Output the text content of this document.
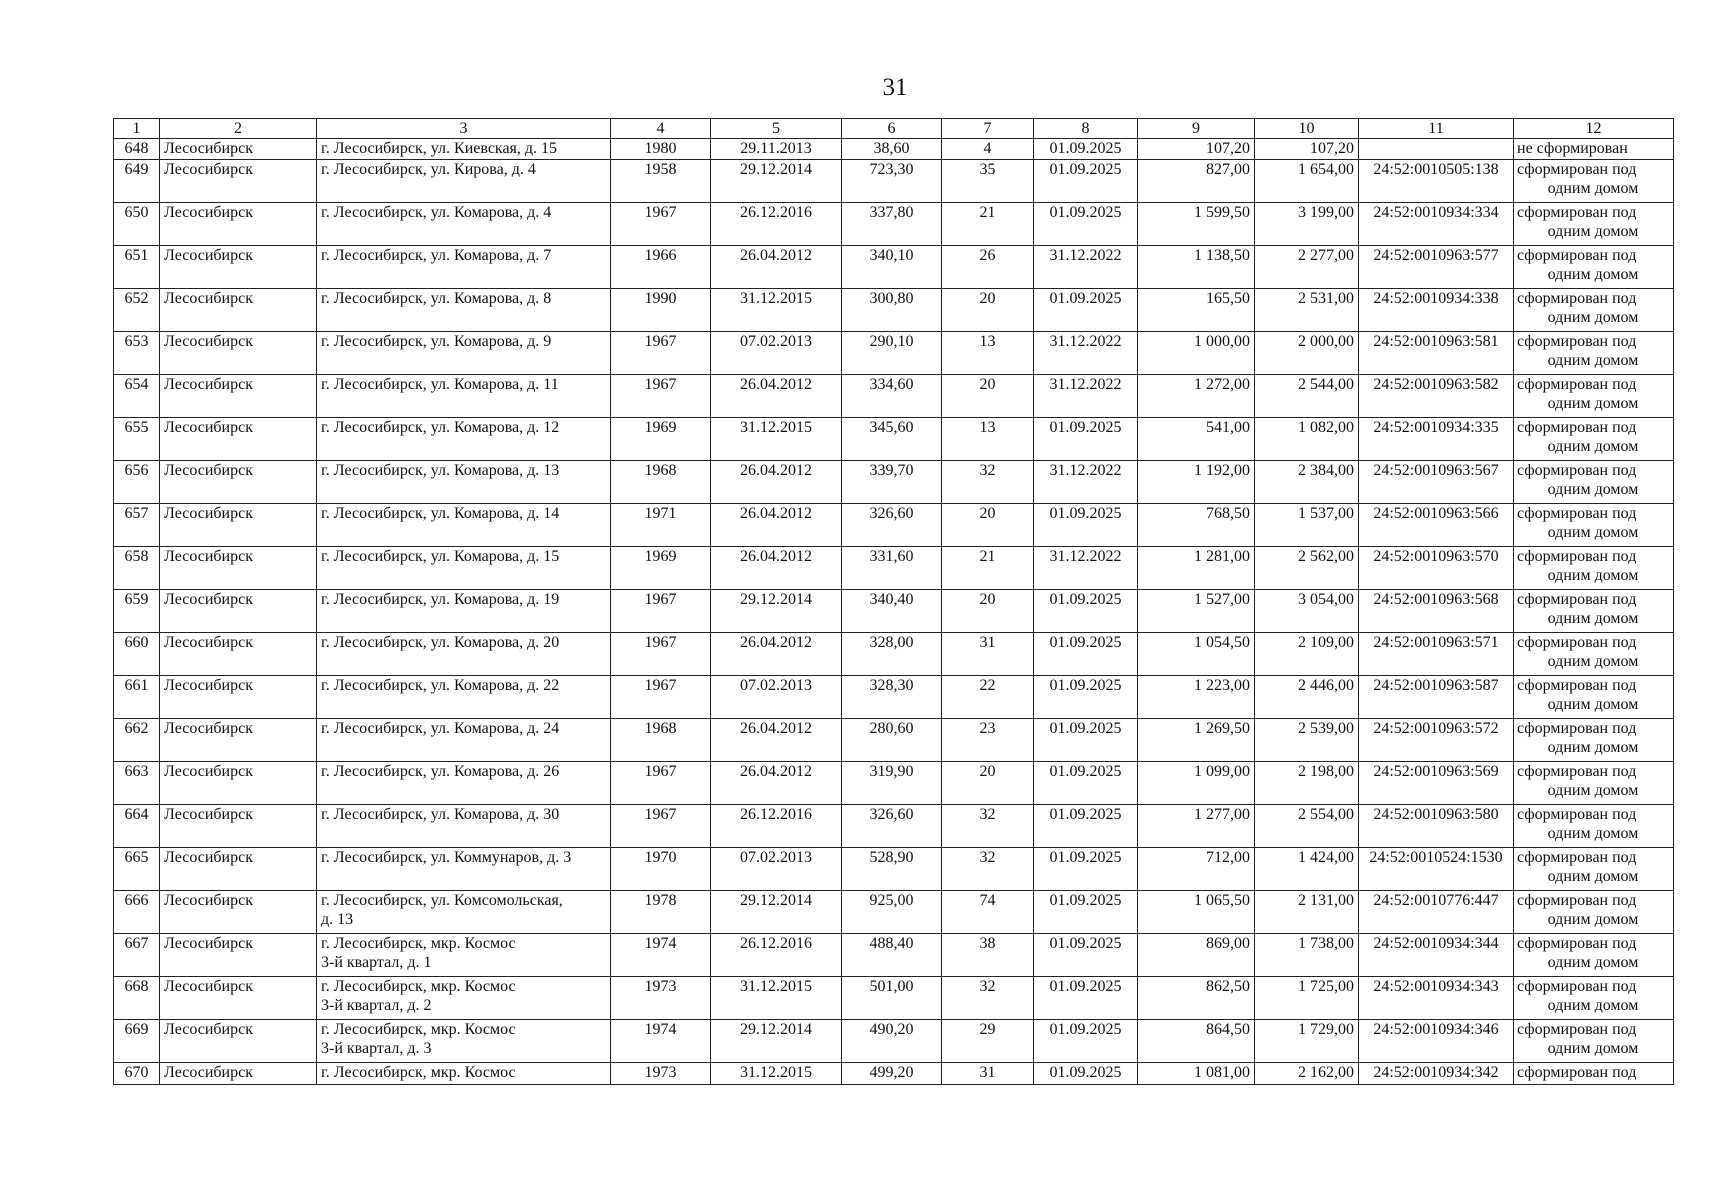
31
1	2	3	4	5	6	7	8	9	10	11	12
648	Лесосибирск	г. Лесосибирск, ул. Киевская, д. 15	1980	29.11.2013	38,60	4	01.09.2025	107,20	107,20		не сформирован

649	Лесосибирск	г. Лесосибирск, ул. Кирова, д. 4	1958	29.12.2014	723,30	35	01.09.2025	827,00	1 654,00	24:52:0010505:138	сформирован под
одним домом

650	Лесосибирск	г. Лесосибирск, ул. Комарова, д. 4	1967	26.12.2016	337,80	21	01.09.2025	1 599,50	3 199,00	24:52:0010934:334	сформирован под
одним домом

651	Лесосибирск	г. Лесосибирск, ул. Комарова, д. 7	1966	26.04.2012	340,10	26	31.12.2022	1 138,50	2 277,00	24:52:0010963:577	сформирован под
одним домом

652	Лесосибирск	г. Лесосибирск, ул. Комарова, д. 8	1990	31.12.2015	300,80	20	01.09.2025	165,50	2 531,00	24:52:0010934:338	сформирован под
одним домом

653	Лесосибирск	г. Лесосибирск, ул. Комарова, д. 9	1967	07.02.2013	290,10	13	31.12.2022	1 000,00	2 000,00	24:52:0010963:581	сформирован под
одним домом

654	Лесосибирск	г. Лесосибирск, ул. Комарова, д. 11	1967	26.04.2012	334,60	20	31.12.2022	1 272,00	2 544,00	24:52:0010963:582	сформирован под
одним домом

655	Лесосибирск	г. Лесосибирск, ул. Комарова, д. 12	1969	31.12.2015	345,60	13	01.09.2025	541,00	1 082,00	24:52:0010934:335	сформирован под
одним домом

656	Лесосибирск	г. Лесосибирск, ул. Комарова, д. 13	1968	26.04.2012	339,70	32	31.12.2022	1 192,00	2 384,00	24:52:0010963:567	сформирован под
одним домом

657	Лесосибирск	г. Лесосибирск, ул. Комарова, д. 14	1971	26.04.2012	326,60	20	01.09.2025	768,50	1 537,00	24:52:0010963:566	сформирован под
одним домом

658	Лесосибирск	г. Лесосибирск, ул. Комарова, д. 15	1969	26.04.2012	331,60	21	31.12.2022	1 281,00	2 562,00	24:52:0010963:570	сформирован под
одним домом

659	Лесосибирск	г. Лесосибирск, ул. Комарова, д. 19	1967	29.12.2014	340,40	20	01.09.2025	1 527,00	3 054,00	24:52:0010963:568	сформирован под
одним домом

660	Лесосибирск	г. Лесосибирск, ул. Комарова, д. 20	1967	26.04.2012	328,00	31	01.09.2025	1 054,50	2 109,00	24:52:0010963:571	сформирован под
одним домом

661	Лесосибирск	г. Лесосибирск, ул. Комарова, д. 22	1967	07.02.2013	328,30	22	01.09.2025	1 223,00	2 446,00	24:52:0010963:587	сформирован под
одним домом

662	Лесосибирск	г. Лесосибирск, ул. Комарова, д. 24	1968	26.04.2012	280,60	23	01.09.2025	1 269,50	2 539,00	24:52:0010963:572	сформирован под
одним домом

663	Лесосибирск	г. Лесосибирск, ул. Комарова, д. 26	1967	26.04.2012	319,90	20	01.09.2025	1 099,00	2 198,00	24:52:0010963:569	сформирован под
одним домом

664	Лесосибирск	г. Лесосибирск, ул. Комарова, д. 30	1967	26.12.2016	326,60	32	01.09.2025	1 277,00	2 554,00	24:52:0010963:580	сформирован под
одним домом

665	Лесосибирск	г. Лесосибирск, ул. Коммунаров, д. 3	1970	07.02.2013	528,90	32	01.09.2025	712,00	1 424,00	24:52:0010524:1530	сформирован под
одним домом

666	Лесосибирск	г. Лесосибирск, ул. Комсомольская,
д. 13	1978	29.12.2014	925,00	74	01.09.2025	1 065,50	2 131,00	24:52:0010776:447	сформирован под
одним домом

667	Лесосибирск	г. Лесосибирск, мкр. Космос
3-й квартал, д. 1	1974	26.12.2016	488,40	38	01.09.2025	869,00	1 738,00	24:52:0010934:344	сформирован под
одним домом

668	Лесосибирск	г. Лесосибирск, мкр. Космос
3-й квартал, д. 2	1973	31.12.2015	501,00	32	01.09.2025	862,50	1 725,00	24:52:0010934:343	сформирован под
одним домом

669	Лесосибирск	г. Лесосибирск, мкр. Космос
3-й квартал, д. 3	1974	29.12.2014	490,20	29	01.09.2025	864,50	1 729,00	24:52:0010934:346	сформирован под
одним домом

670	Лесосибирск	г. Лесосибирск, мкр. Космос	1973	31.12.2015	499,20	31	01.09.2025	1 081,00	2 162,00	24:52:0010934:342	сформирован под
